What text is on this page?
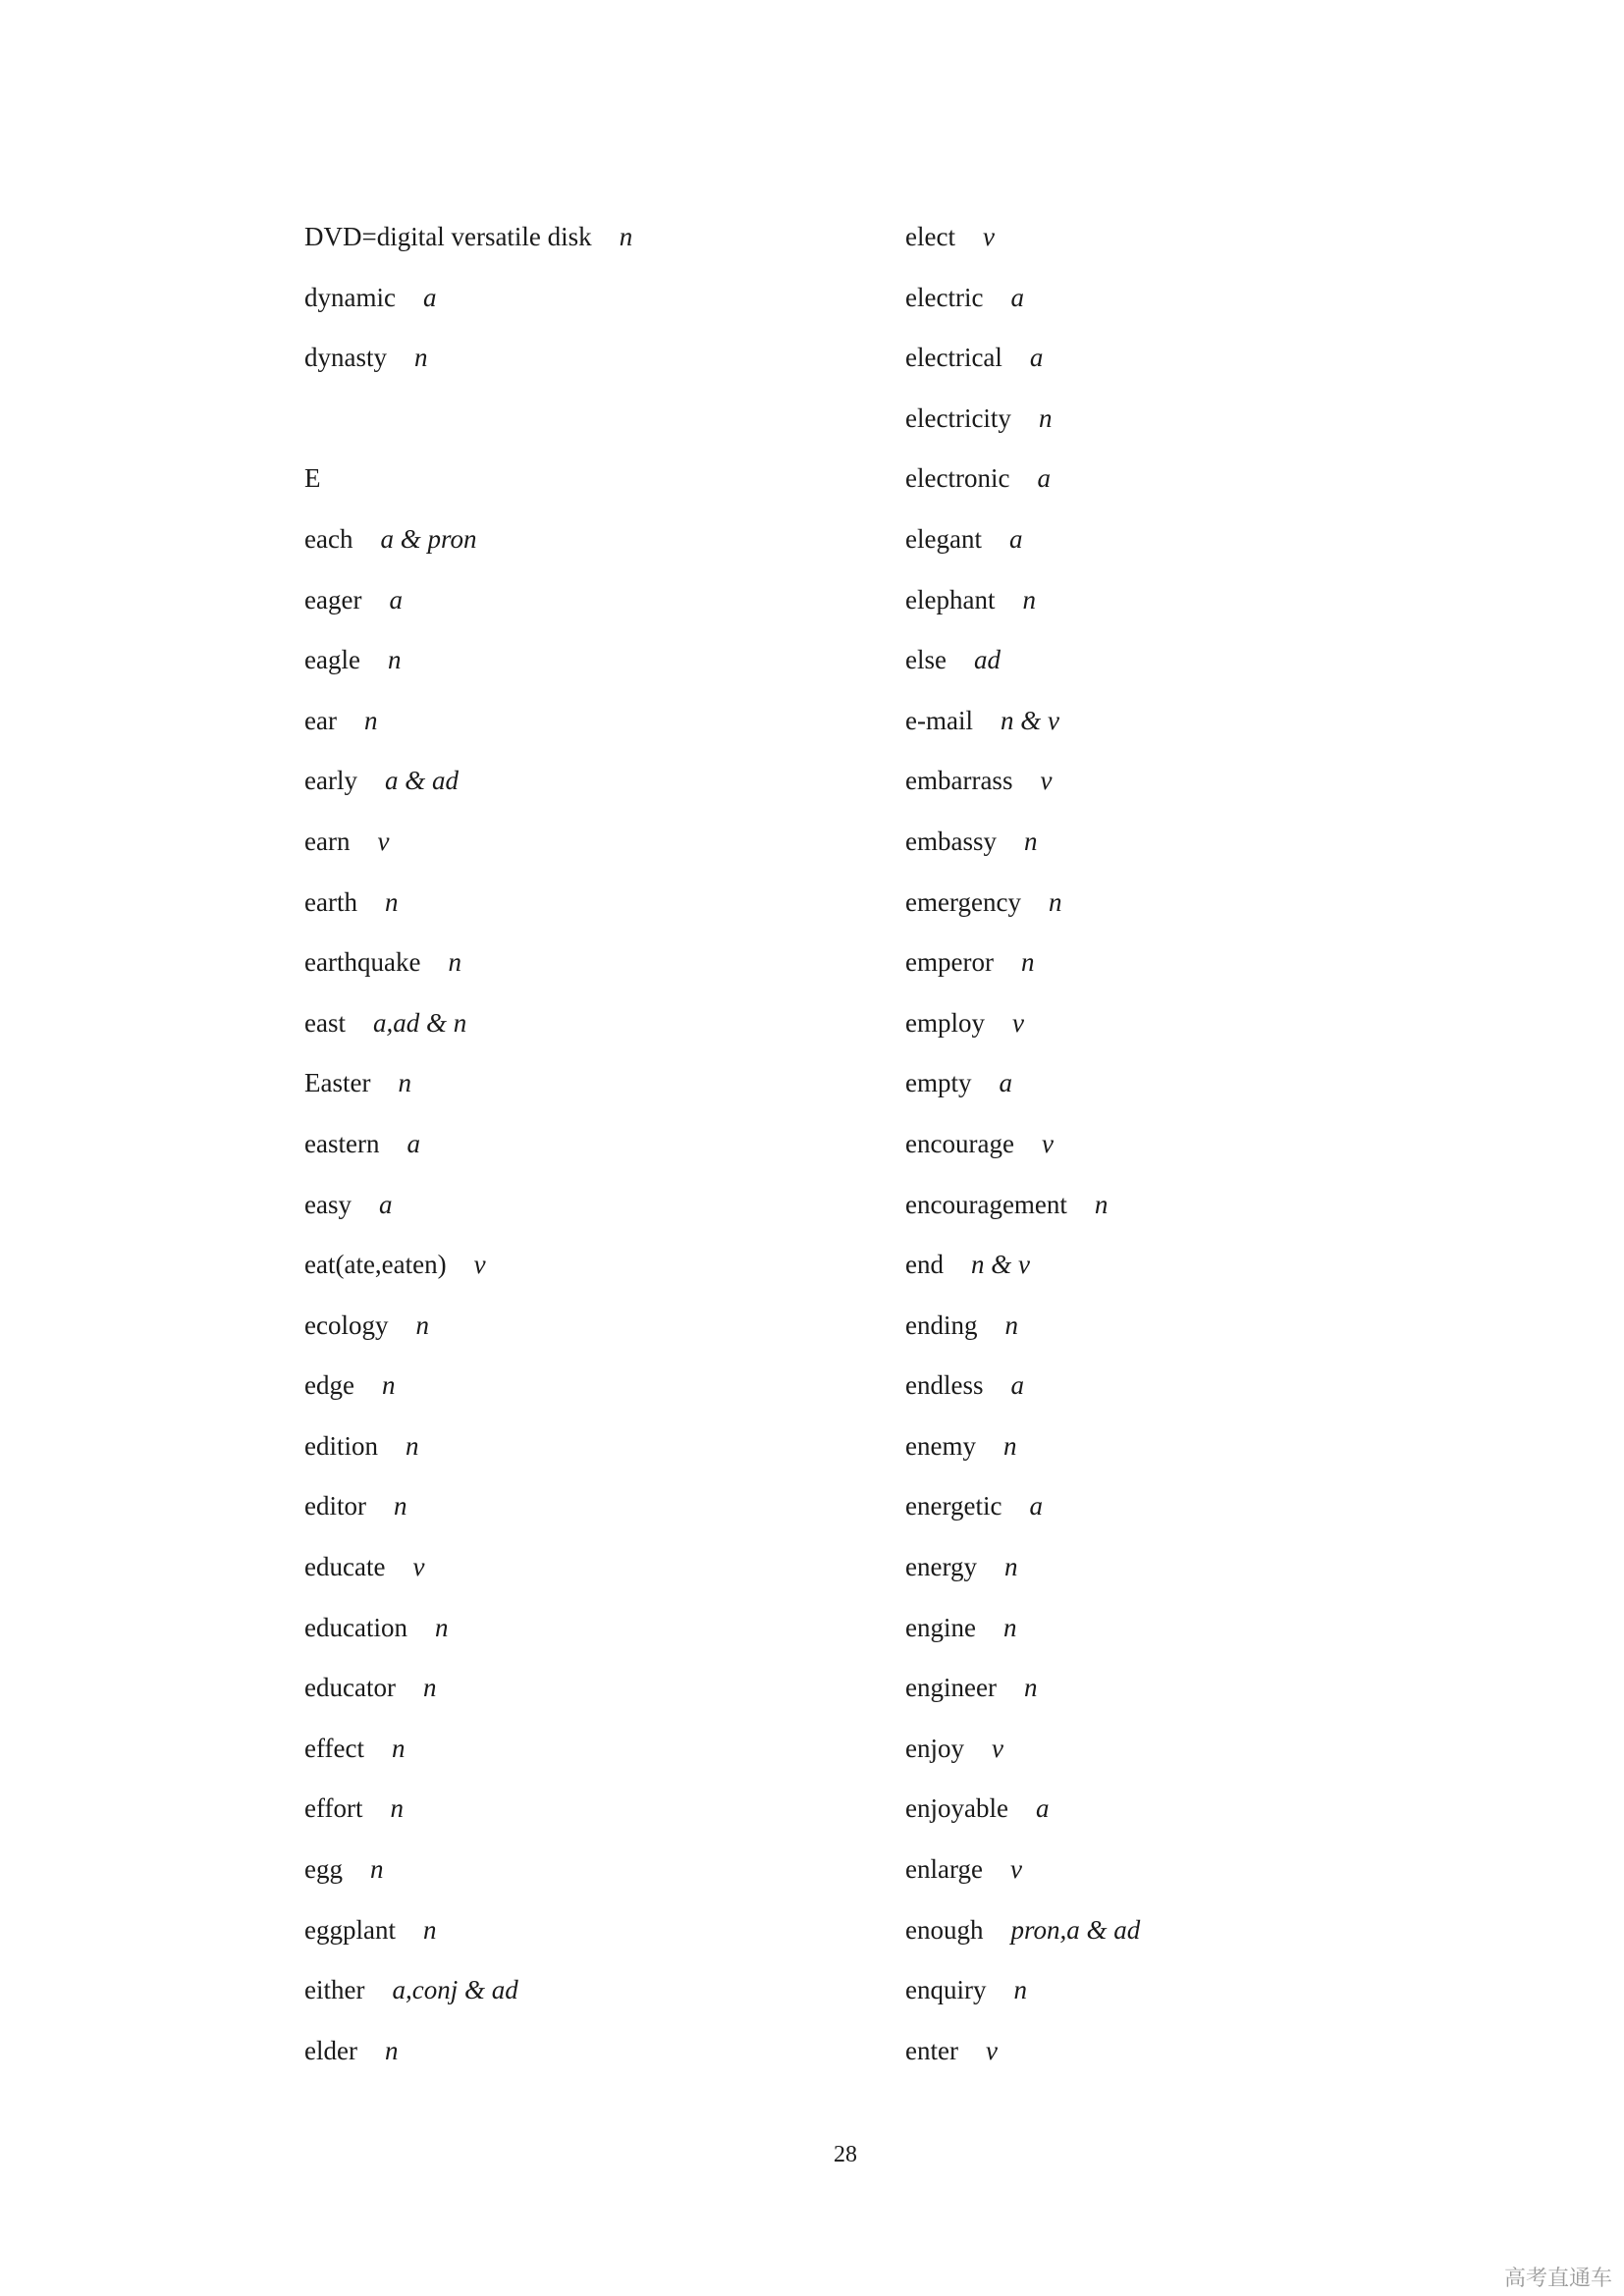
DVD=digital versatile disk n
dynamic a
dynasty n
E
each a & pron
eager a
eagle n
ear n
early a & ad
earn v
earth n
earthquake n
east a,ad & n
Easter n
eastern a
easy a
eat(ate,eaten) v
ecology n
edge n
edition n
editor n
educate v
education n
educator n
effect n
effort n
egg n
eggplant n
either a,conj & ad
elder n
elect v
electric a
electrical a
electricity n
electronic a
elegant a
elephant n
else ad
e-mail n & v
embarrass v
embassy n
emergency n
emperor n
employ v
empty a
encourage v
encouragement n
end n & v
ending n
endless a
enemy n
energetic a
energy n
engine n
engineer n
enjoy v
enjoyable a
enlarge v
enough pron,a & ad
enquiry n
enter v
28
高考直通车
